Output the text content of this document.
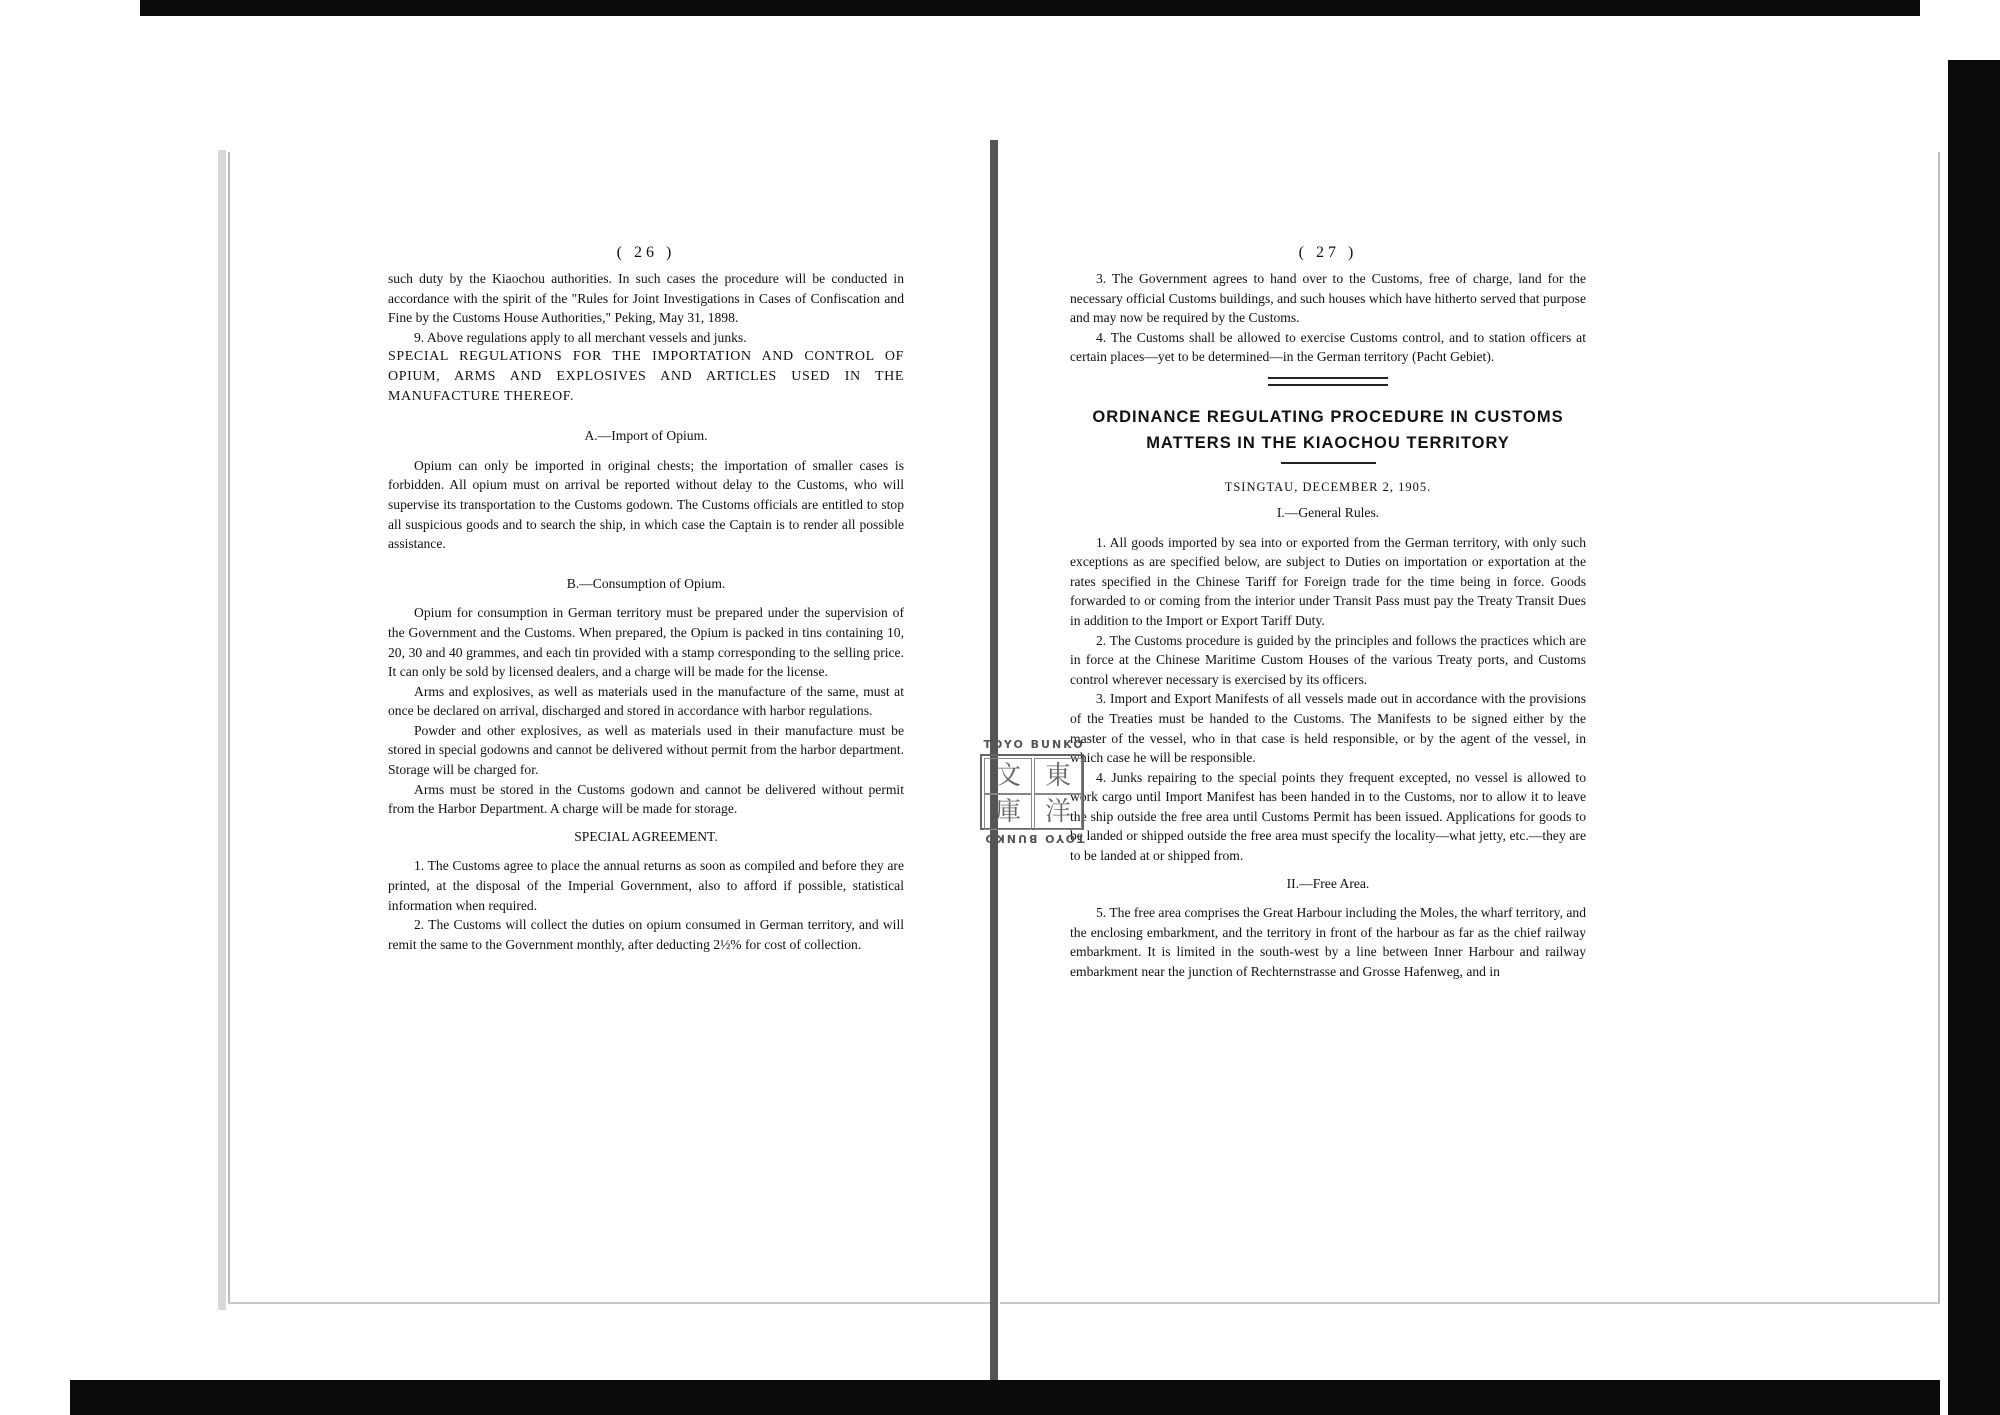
( 26 )

such duty by the Kiaochou authorities. In such cases the procedure will be conducted in accordance with the spirit of the "Rules for Joint Investigations in Cases of Confiscation and Fine by the Customs House Authorities," Peking, May 31, 1898.

9. Above regulations apply to all merchant vessels and junks.

SPECIAL REGULATIONS FOR THE IMPORTATION AND CONTROL OF OPIUM, ARMS AND EXPLOSIVES AND ARTICLES USED IN THE MANUFACTURE THEREOF.

A.—Import of Opium.

Opium can only be imported in original chests; the importation of smaller cases is forbidden. All opium must on arrival be reported without delay to the Customs, who will supervise its transportation to the Customs godown. The Customs officials are entitled to stop all suspicious goods and to search the ship, in which case the Captain is to render all possible assistance.

B.—Consumption of Opium.

Opium for consumption in German territory must be prepared under the supervision of the Government and the Customs. When prepared, the Opium is packed in tins containing 10, 20, 30 and 40 grammes, and each tin provided with a stamp corresponding to the selling price. It can only be sold by licensed dealers, and a charge will be made for the license.

Arms and explosives, as well as materials used in the manufacture of the same, must at once be declared on arrival, discharged and stored in accordance with harbor regulations.

Powder and other explosives, as well as materials used in their manufacture must be stored in special godowns and cannot be delivered without permit from the harbor department. Storage will be charged for.

Arms must be stored in the Customs godown and cannot be delivered without permit from the Harbor Department. A charge will be made for storage.

SPECIAL AGREEMENT.

1. The Customs agree to place the annual returns as soon as compiled and before they are printed, at the disposal of the Imperial Government, also to afford if possible, statistical information when required.

2. The Customs will collect the duties on opium consumed in German territory, and will remit the same to the Government monthly, after deducting 2½% for cost of collection.

( 27 )

3. The Government agrees to hand over to the Customs, free of charge, land for the necessary official Customs buildings, and such houses which have hitherto served that purpose and may now be required by the Customs.

4. The Customs shall be allowed to exercise Customs control, and to station officers at certain places—yet to be determined—in the German territory (Pacht Gebiet).

ORDINANCE REGULATING PROCEDURE IN CUSTOMS MATTERS IN THE KIAOCHOU TERRITORY
TSINGTAU, DECEMBER 2, 1905.
I.—General Rules.

1. All goods imported by sea into or exported from the German territory, with only such exceptions as are specified below, are subject to Duties on importation or exportation at the rates specified in the Chinese Tariff for Foreign trade for the time being in force. Goods forwarded to or coming from the interior under Transit Pass must pay the Treaty Transit Dues in addition to the Import or Export Tariff Duty.

2. The Customs procedure is guided by the principles and follows the practices which are in force at the Chinese Maritime Custom Houses of the various Treaty ports, and Customs control wherever necessary is exercised by its officers.

3. Import and Export Manifests of all vessels made out in accordance with the provisions of the Treaties must be handed to the Customs. The Manifests to be signed either by the master of the vessel, who in that case is held responsible, or by the agent of the vessel, in which case he will be responsible.

4. Junks repairing to the special points they frequent excepted, no vessel is allowed to work cargo until Import Manifest has been handed in to the Customs, nor to allow it to leave the ship outside the free area until Customs Permit has been issued. Applications for goods to be landed or shipped outside the free area must specify the locality—what jetty, etc.—they are to be landed at or shipped from.

II.—Free Area.

5. The free area comprises the Great Harbour including the Moles, the wharf territory, and the enclosing embarkment, and the territory in front of the harbour as far as the chief railway embarkment. It is limited in the south-west by a line between Inner Harbour and railway embarkment near the junction of Rechternstrasse and Grosse Hafenweg, and in

TOYO BUNKO
文 東
庫 洋
TOYO BUNKO
